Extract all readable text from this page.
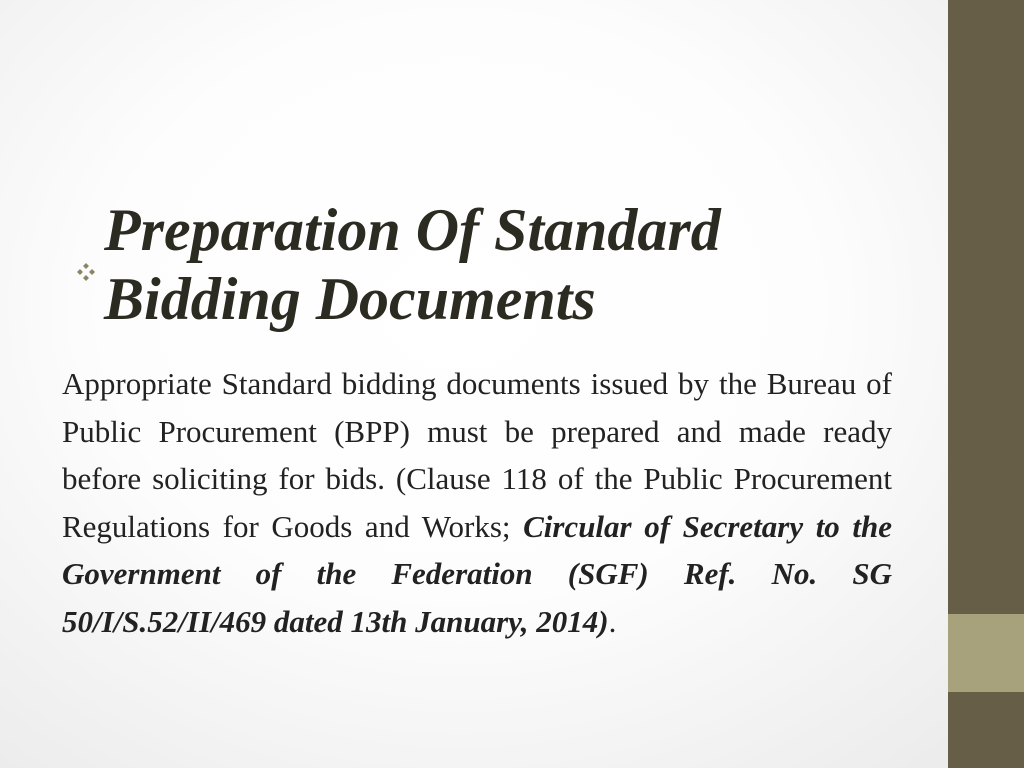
Preparation Of Standard Bidding Documents

Appropriate Standard bidding documents issued by the Bureau of Public Procurement (BPP) must be prepared and made ready before soliciting for bids. (Clause 118 of the Public Procurement Regulations for Goods and Works; Circular of Secretary to the Government of the Federation (SGF) Ref. No. SG 50/I/S.52/II/469 dated 13th January, 2014).
